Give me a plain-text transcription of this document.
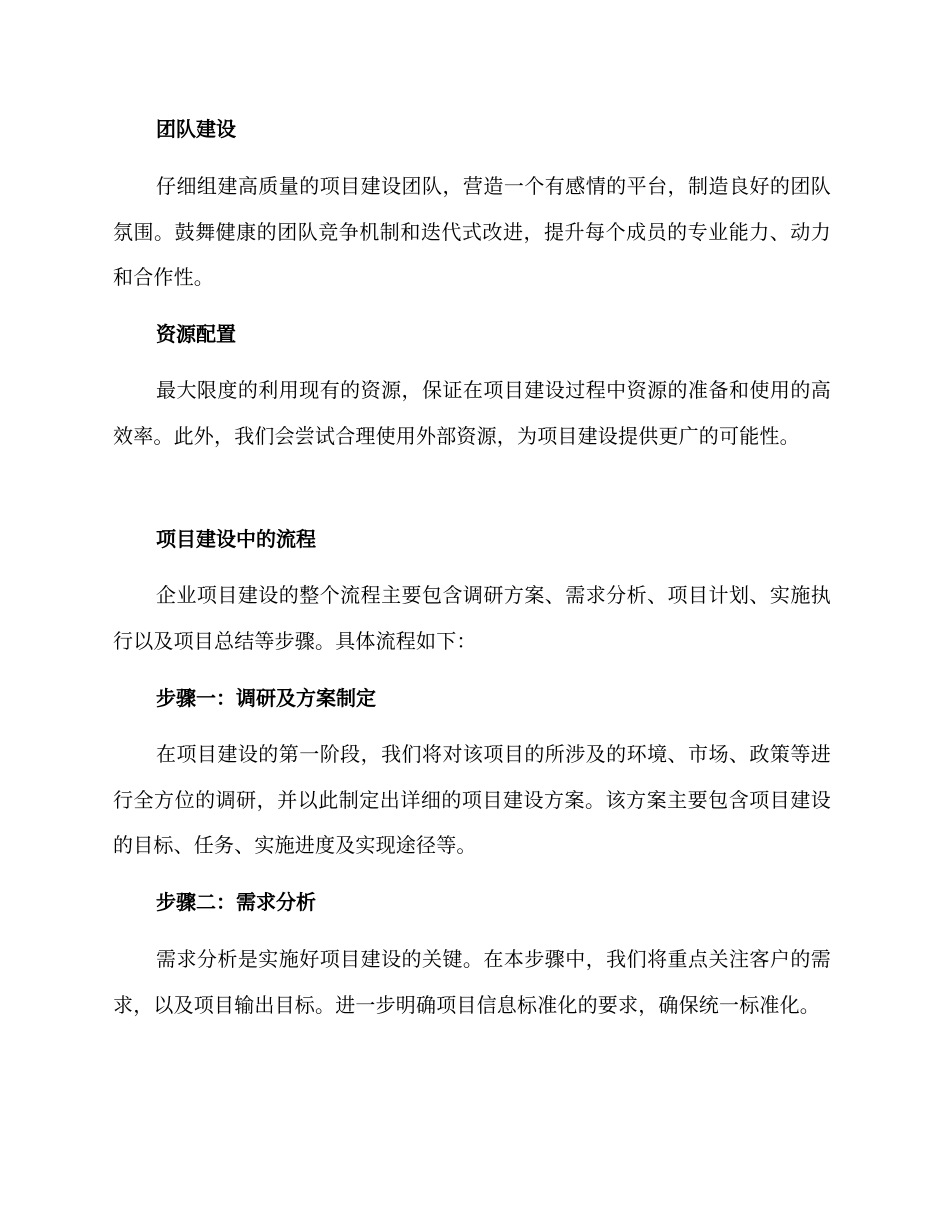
团队建设
仔细组建高质量的项目建设团队，营造一个有感情的平台，制造良好的团队氛围。鼓舞健康的团队竞争机制和迭代式改进，提升每个成员的专业能力、动力和合作性。
资源配置
最大限度的利用现有的资源，保证在项目建设过程中资源的准备和使用的高效率。此外，我们会尝试合理使用外部资源，为项目建设提供更广的可能性。
项目建设中的流程
企业项目建设的整个流程主要包含调研方案、需求分析、项目计划、实施执行以及项目总结等步骤。具体流程如下：
步骤一：调研及方案制定
在项目建设的第一阶段，我们将对该项目的所涉及的环境、市场、政策等进行全方位的调研，并以此制定出详细的项目建设方案。该方案主要包含项目建设的目标、任务、实施进度及实现途径等。
步骤二：需求分析
需求分析是实施好项目建设的关键。在本步骤中，我们将重点关注客户的需求，以及项目输出目标。进一步明确项目信息标准化的要求，确保统一标准化。
